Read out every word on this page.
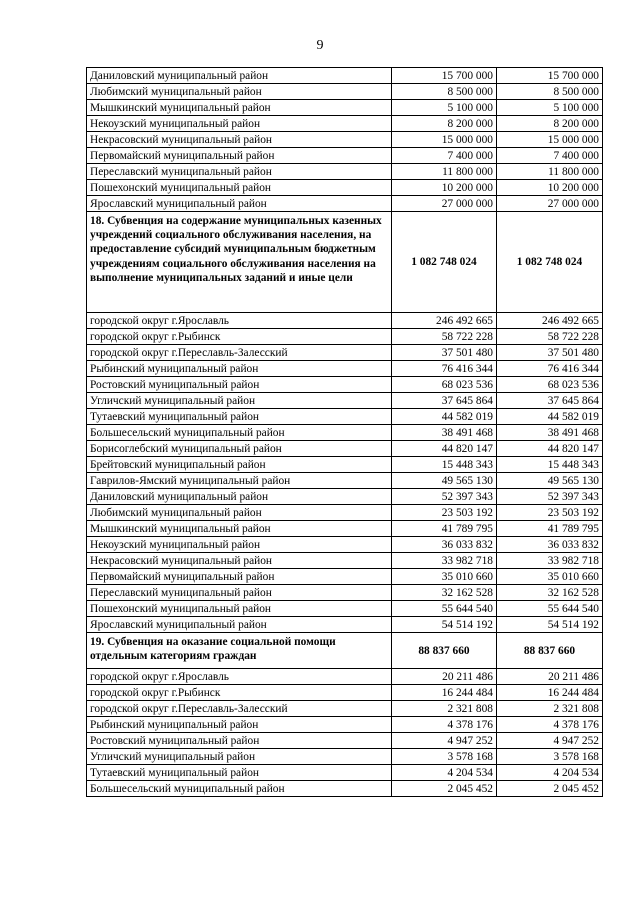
9
Даниловский муниципальный район	15 700 000	15 700 000
Любимский муниципальный район	8 500 000	8 500 000
Мышкинский муниципальный район	5 100 000	5 100 000
Некоузский муниципальный район	8 200 000	8 200 000
Некрасовский муниципальный район	15 000 000	15 000 000
Первомайский муниципальный район	7 400 000	7 400 000
Переславский муниципальный район	11 800 000	11 800 000
Пошехонский муниципальный район	10 200 000	10 200 000
Ярославский муниципальный район	27 000 000	27 000 000
18. Субвенция на содержание муниципальных казенных учреждений социального обслуживания населения, на предоставление субсидий муниципальным бюджетным учреждениям социального обслуживания населения на выполнение муниципальных заданий и иные цели	1 082 748 024	1 082 748 024
городской округ г.Ярославль	246 492 665	246 492 665
городской округ г.Рыбинск	58 722 228	58 722 228
городской округ г.Переславль-Залесский	37 501 480	37 501 480
Рыбинский муниципальный район	76 416 344	76 416 344
Ростовский муниципальный район	68 023 536	68 023 536
Угличский муниципальный район	37 645 864	37 645 864
Тутаевский муниципальный район	44 582 019	44 582 019
Большесельский муниципальный район	38 491 468	38 491 468
Борисоглебский муниципальный район	44 820 147	44 820 147
Брейтовский муниципальный район	15 448 343	15 448 343
Гаврилов-Ямский муниципальный район	49 565 130	49 565 130
Даниловский муниципальный район	52 397 343	52 397 343
Любимский муниципальный район	23 503 192	23 503 192
Мышкинский муниципальный район	41 789 795	41 789 795
Некоузский муниципальный район	36 033 832	36 033 832
Некрасовский муниципальный район	33 982 718	33 982 718
Первомайский муниципальный район	35 010 660	35 010 660
Переславский муниципальный район	32 162 528	32 162 528
Пошехонский муниципальный район	55 644 540	55 644 540
Ярославский муниципальный район	54 514 192	54 514 192
19. Субвенция на оказание социальной помощи отдельным категориям граждан	88 837 660	88 837 660
городской округ г.Ярославль	20 211 486	20 211 486
городской округ г.Рыбинск	16 244 484	16 244 484
городской округ г.Переславль-Залесский	2 321 808	2 321 808
Рыбинский муниципальный район	4 378 176	4 378 176
Ростовский муниципальный район	4 947 252	4 947 252
Угличский муниципальный район	3 578 168	3 578 168
Тутаевский муниципальный район	4 204 534	4 204 534
Большесельский муниципальный район	2 045 452	2 045 452
